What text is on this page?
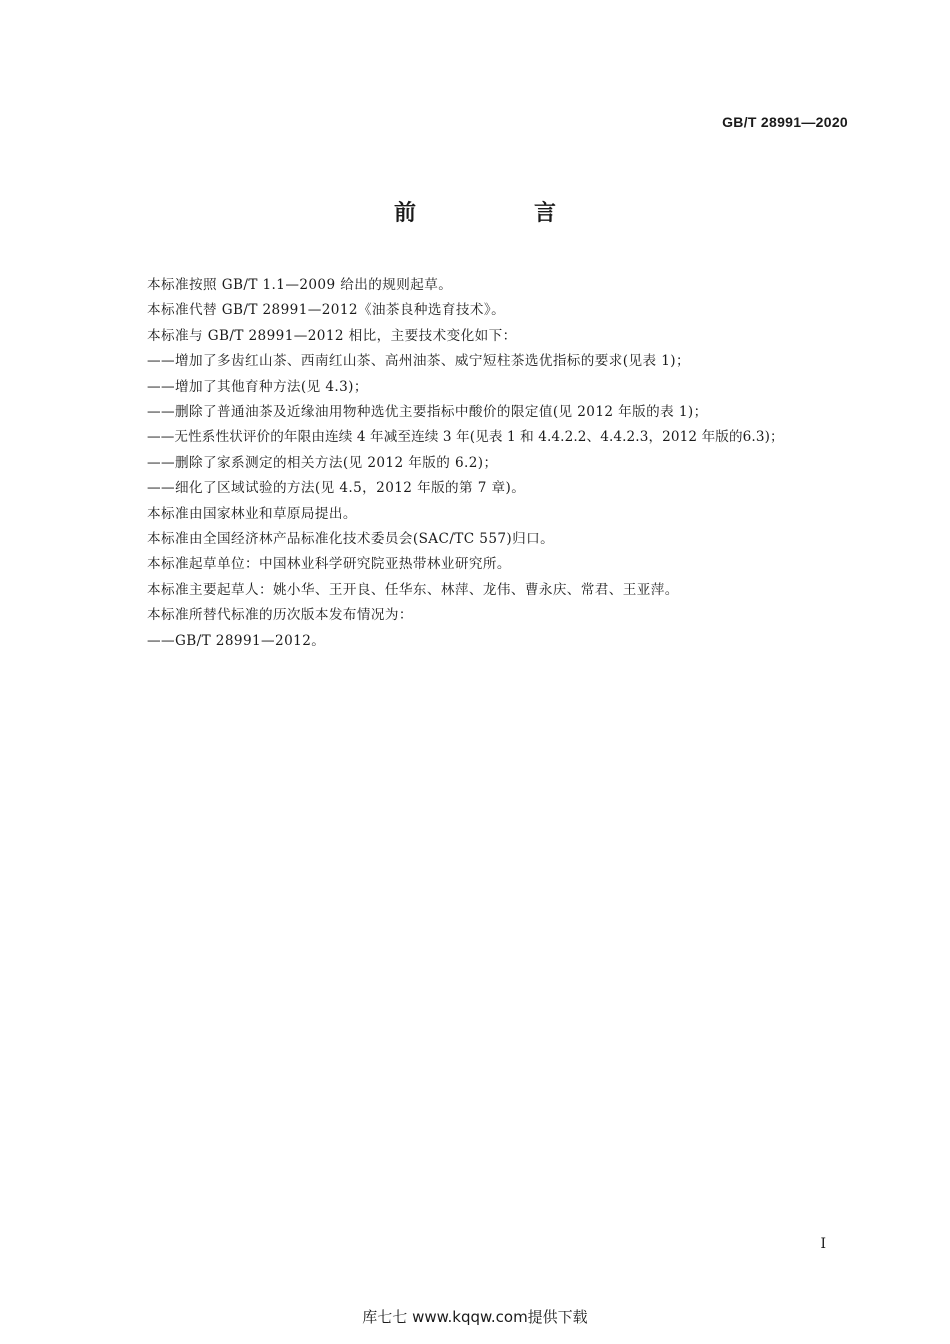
GB/T 28991—2020
前　言
本标准按照 GB/T 1.1—2009 给出的规则起草。
本标准代替 GB/T 28991—2012《油茶良种选育技术》。
本标准与 GB/T 28991—2012 相比，主要技术变化如下：
——增加了多齿红山茶、西南红山茶、高州油茶、威宁短柱茶选优指标的要求(见表 1)；
——增加了其他育种方法(见 4.3)；
——删除了普通油茶及近缘油用物种选优主要指标中酸价的限定值(见 2012 年版的表 1)；
——无性系性状评价的年限由连续 4 年减至连续 3 年(见表 1 和 4.4.2.2、4.4.2.3，2012 年版的6.3)；
——删除了家系测定的相关方法(见 2012 年版的 6.2)；
——细化了区域试验的方法(见 4.5，2012 年版的第 7 章)。
本标准由国家林业和草原局提出。
本标准由全国经济林产品标准化技术委员会(SAC/TC 557)归口。
本标准起草单位：中国林业科学研究院亚热带林业研究所。
本标准主要起草人：姚小华、王开良、任华东、林萍、龙伟、曹永庆、常君、王亚萍。
本标准所替代标准的历次版本发布情况为：
——GB/T 28991—2012。
I
库七七 www.kqqw.com提供下载
